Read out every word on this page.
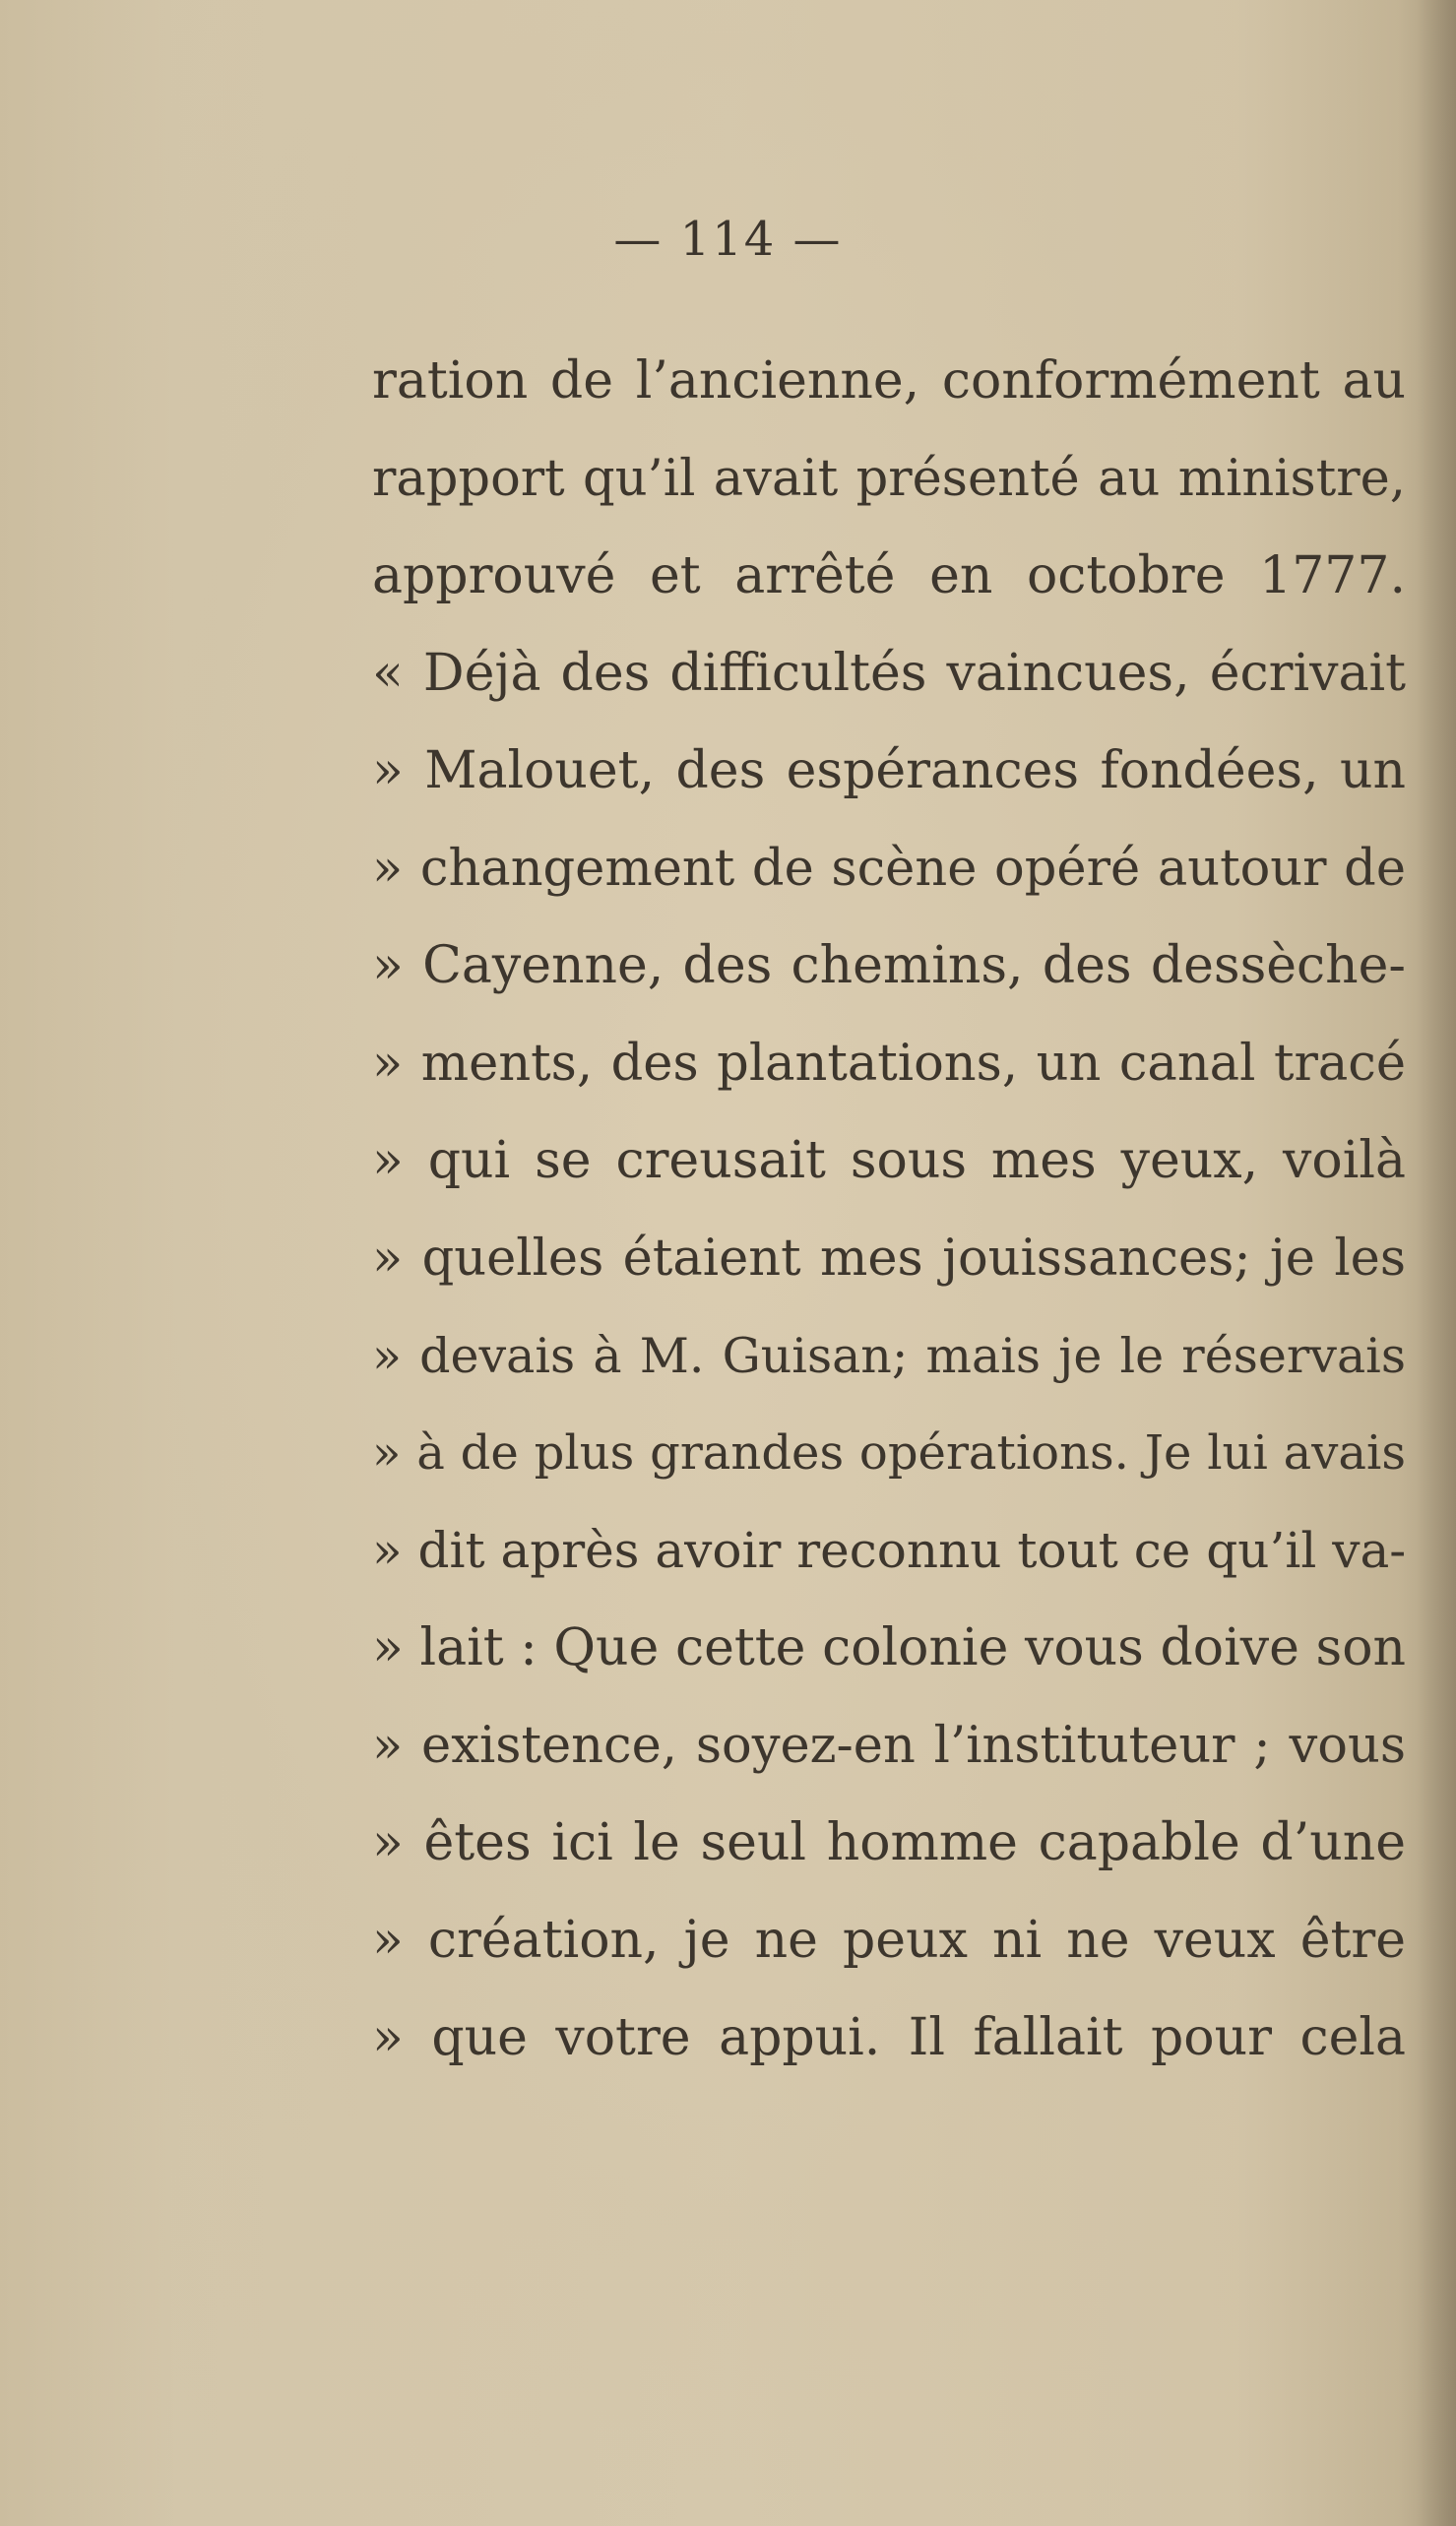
— 114 —
ration de l’ancienne, conformément au
rapport qu’il avait présenté au ministre,
approuvé et arrêté en octobre 1777.
« Déjà des difficultés vaincues, écrivait
» Malouet, des espérances fondées, un
» changement de scène opéré autour de
» Cayenne, des chemins, des dessèche-
» ments, des plantations, un canal tracé
» qui se creusait sous mes yeux, voilà
» quelles étaient mes jouissances; je les
» devais à M. Guisan; mais je le réservais
» à de plus grandes opérations. Je lui avais
» dit après avoir reconnu tout ce qu’il va-
» lait : Que cette colonie vous doive son
» existence, soyez-en l’instituteur ; vous
» êtes ici le seul homme capable d’une
» création, je ne peux ni ne veux être
» que votre appui. Il fallait pour cela
